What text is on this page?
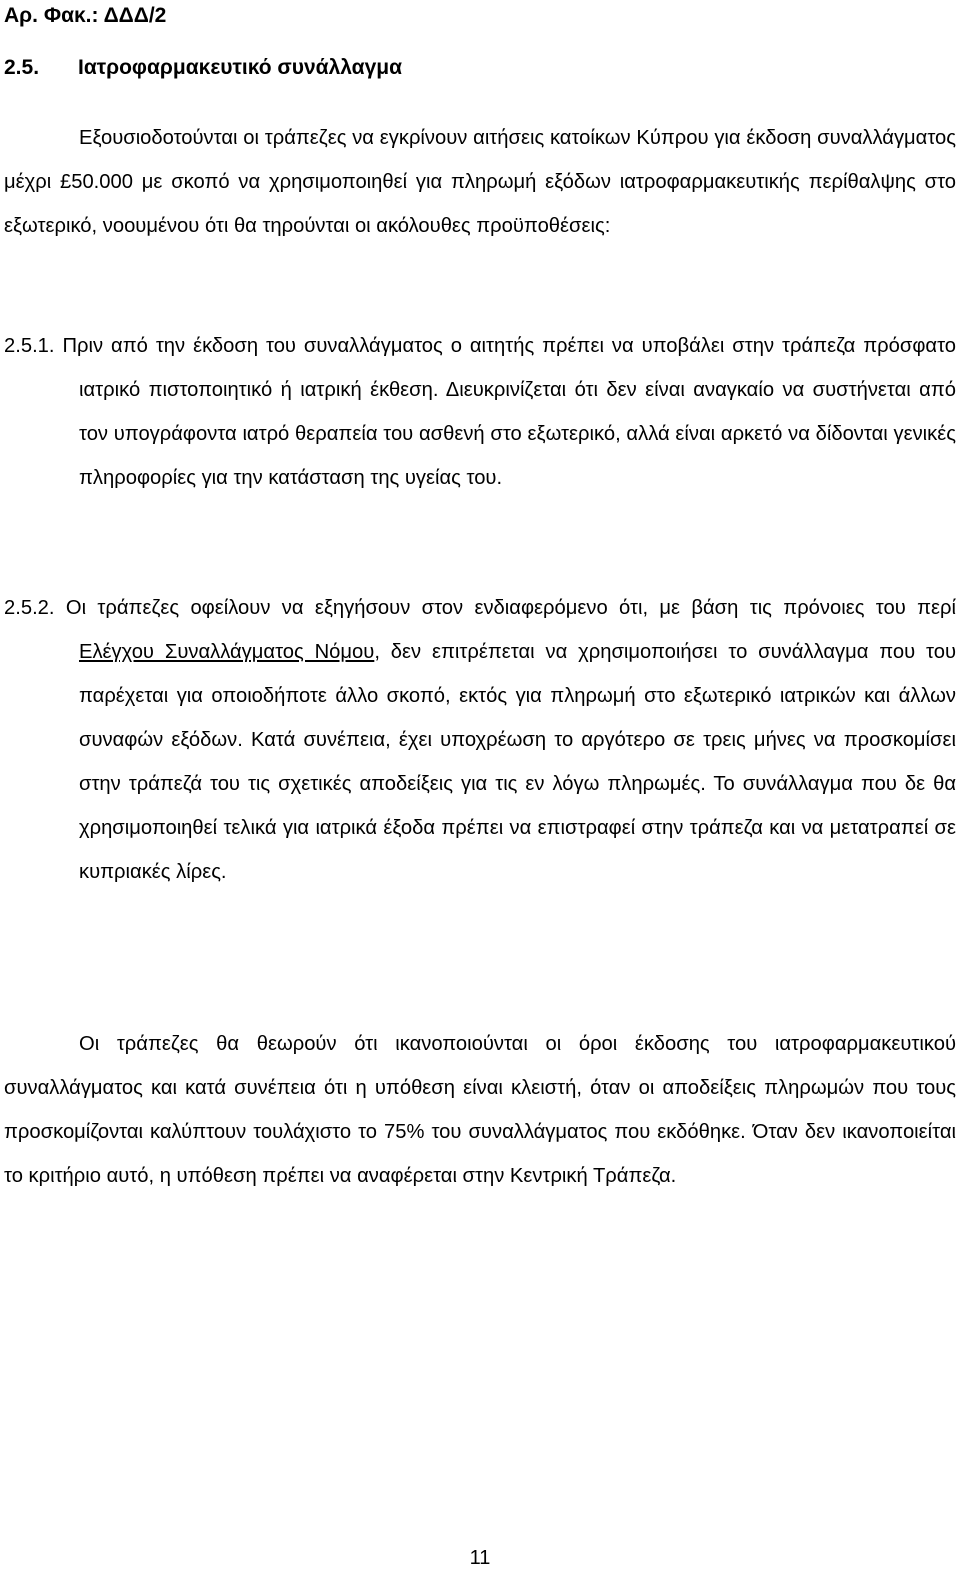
Αρ. Φακ.: ΔΔΔ/2
2.5. Ιατροφαρμακευτικό συνάλλαγμα

Εξουσιοδοτούνται οι τράπεζες να εγκρίνουν αιτήσεις κατοίκων Κύπρου για έκδοση συναλλάγματος μέχρι £50.000 με σκοπό να χρησιμοποιηθεί για πληρωμή εξόδων ιατροφαρμακευτικής περίθαλψης στο εξωτερικό, νοουμένου ότι θα τηρούνται οι ακόλουθες προϋποθέσεις:

2.5.1. Πριν από την έκδοση του συναλλάγματος ο αιτητής πρέπει να υποβάλει στην τράπεζα πρόσφατο ιατρικό πιστοποιητικό ή ιατρική έκθεση. Διευκρινίζεται ότι δεν είναι αναγκαίο να συστήνεται από τον υπογράφοντα ιατρό θεραπεία του ασθενή στο εξωτερικό, αλλά είναι αρκετό να δίδονται γενικές πληροφορίες για την κατάσταση της υγείας του.

2.5.2. Οι τράπεζες οφείλουν να εξηγήσουν στον ενδιαφερόμενο ότι, με βάση τις πρόνοιες του περί Ελέγχου Συναλλάγματος Νόμου, δεν επιτρέπεται να χρησιμοποιήσει το συνάλλαγμα που του παρέχεται για οποιοδήποτε άλλο σκοπό, εκτός για πληρωμή στο εξωτερικό ιατρικών και άλλων συναφών εξόδων. Κατά συνέπεια, έχει υποχρέωση το αργότερο σε τρεις μήνες να προσκομίσει στην τράπεζά του τις σχετικές αποδείξεις για τις εν λόγω πληρωμές. Το συνάλλαγμα που δε θα χρησιμοποιηθεί τελικά για ιατρικά έξοδα πρέπει να επιστραφεί στην τράπεζα και να μετατραπεί σε κυπριακές λίρες.

Οι τράπεζες θα θεωρούν ότι ικανοποιούνται οι όροι έκδοσης του ιατροφαρμακευτικού συναλλάγματος και κατά συνέπεια ότι η υπόθεση είναι κλειστή, όταν οι αποδείξεις πληρωμών που τους προσκομίζονται καλύπτουν τουλάχιστο το 75% του συναλλάγματος που εκδόθηκε. Όταν δεν ικανοποιείται το κριτήριο αυτό, η υπόθεση πρέπει να αναφέρεται στην Κεντρική Τράπεζα.

11
